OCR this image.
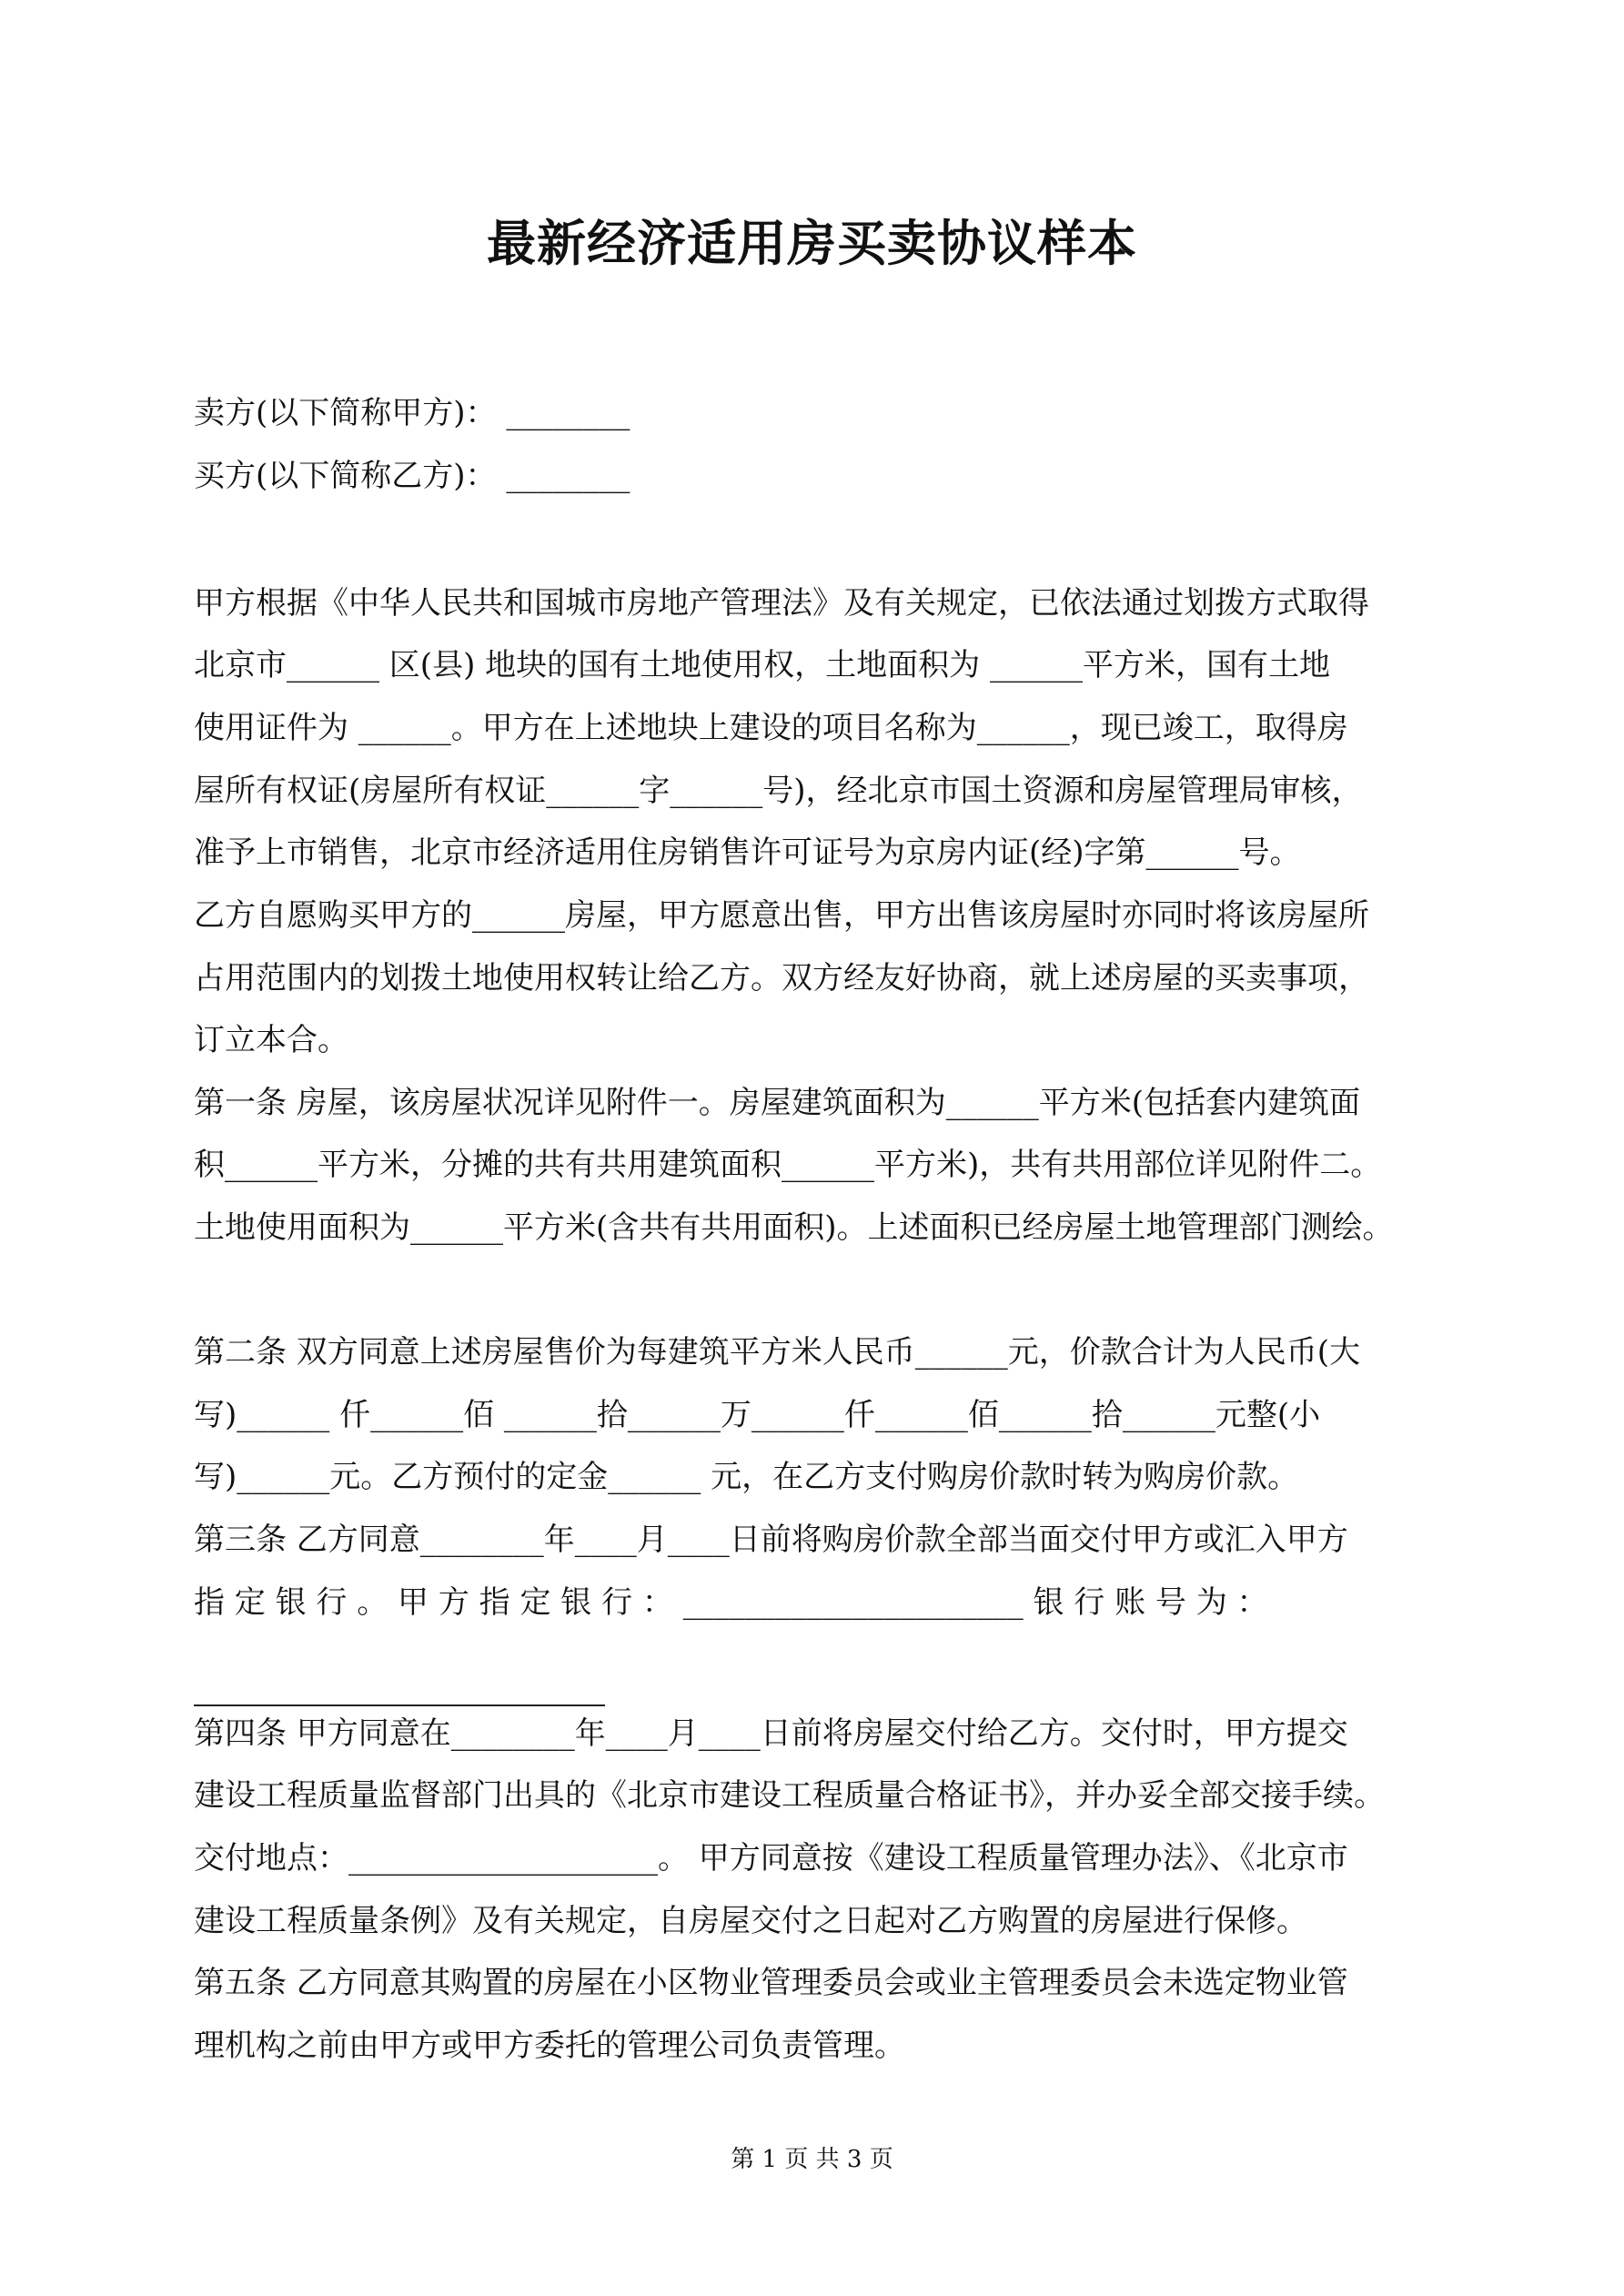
最新经济适用房买卖协议样本
卖方(以下简称甲方)： ________
买方(以下简称乙方)： ________
甲方根据《中华人民共和国城市房地产管理法》及有关规定，已依法通过划拨方式取得
北京市______ 区(县) 地块的国有土地使用权，土地面积为 ______平方米，国有土地
使用证件为 ______。甲方在上述地块上建设的项目名称为______，现已竣工，取得房
屋所有权证(房屋所有权证______字______号)，经北京市国土资源和房屋管理局审核，
准予上市销售，北京市经济适用住房销售许可证号为京房内证(经)字第______号。
乙方自愿购买甲方的______房屋，甲方愿意出售，甲方出售该房屋时亦同时将该房屋所
占用范围内的划拨土地使用权转让给乙方。双方经友好协商，就上述房屋的买卖事项，
订立本合。
第一条 房屋，该房屋状况详见附件一。房屋建筑面积为______平方米(包括套内建筑面
积______平方米，分摊的共有共用建筑面积______平方米)，共有共用部位详见附件二。
土地使用面积为______平方米(含共有共用面积)。上述面积已经房屋土地管理部门测绘。
第二条 双方同意上述房屋售价为每建筑平方米人民币______元，价款合计为人民币(大
写)______ 仟______佰 ______拾______万______仟______佰______拾______元整(小
写)______元。乙方预付的定金______ 元，在乙方支付购房价款时转为购房价款。
第三条 乙方同意________年____月____日前将购房价款全部当面交付甲方或汇入甲方
指 定 银 行 。 甲 方 指 定 银 行 ： ______________________ 银 行 账 号 为 ：
第四条 甲方同意在________年____月____日前将房屋交付给乙方。交付时，甲方提交
建设工程质量监督部门出具的《北京市建设工程质量合格证书》，并办妥全部交接手续。
交付地点：____________________。 甲方同意按《建设工程质量管理办法》、《北京市
建设工程质量条例》及有关规定，自房屋交付之日起对乙方购置的房屋进行保修。
第五条 乙方同意其购置的房屋在小区物业管理委员会或业主管理委员会未选定物业管
理机构之前由甲方或甲方委托的管理公司负责管理。
第 1 页 共 3 页
